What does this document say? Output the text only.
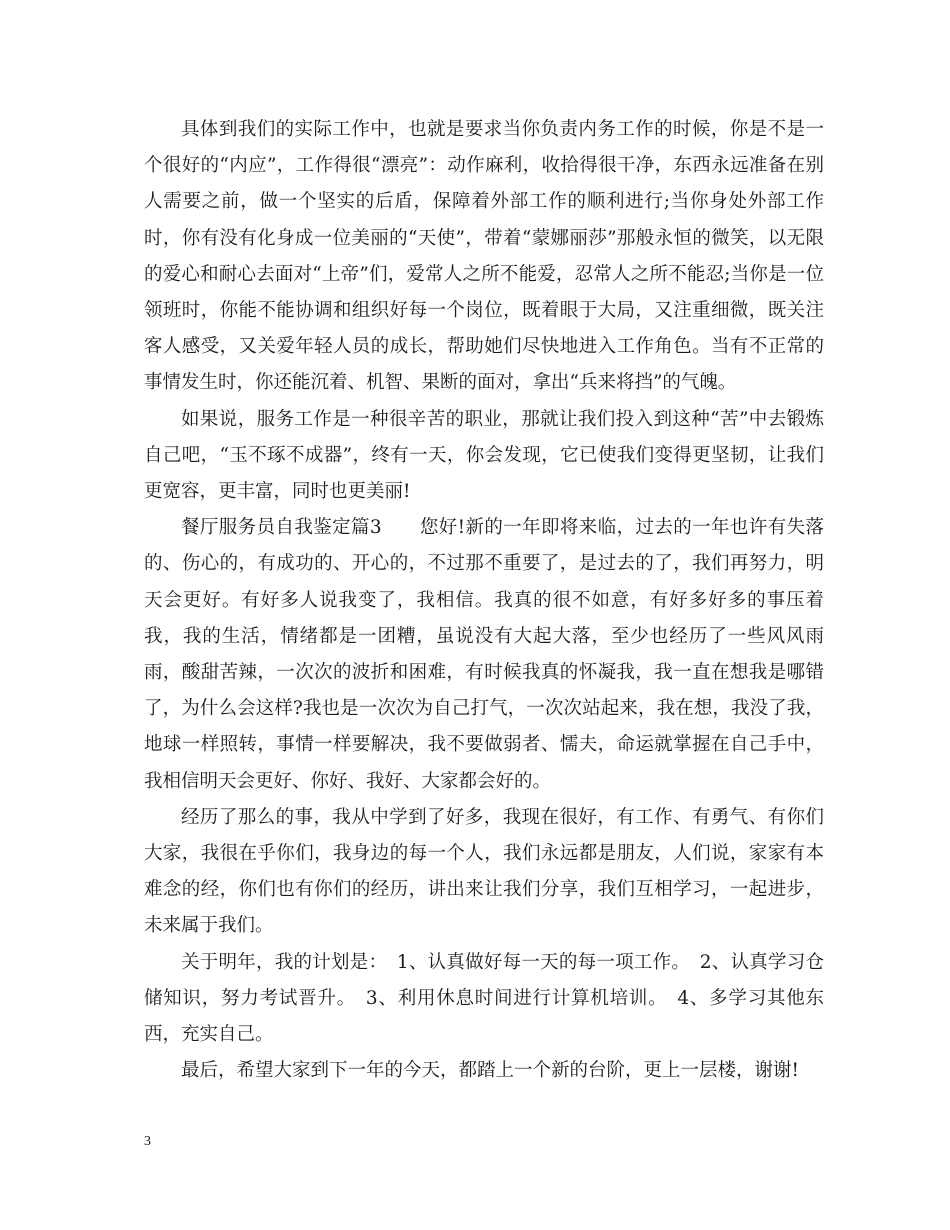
具体到我们的实际工作中，也就是要求当你负责内务工作的时候，你是不是一个很好的“内应”，工作得很“漂亮”：动作麻利，收拾得很干净，东西永远准备在别人需要之前，做一个坚实的后盾，保障着外部工作的顺利进行;当你身处外部工作时，你有没有化身成一位美丽的“天使”，带着“蒙娜丽莎”那般永恒的微笑，以无限的爱心和耐心去面对“上帝”们，爱常人之所不能爱，忍常人之所不能忍;当你是一位领班时，你能不能协调和组织好每一个岗位，既着眼于大局，又注重细微，既关注客人感受，又关爱年轻人员的成长，帮助她们尽快地进入工作角色。当有不正常的事情发生时，你还能沉着、机智、果断的面对，拿出“兵来将挡”的气魄。

如果说，服务工作是一种很辛苦的职业，那就让我们投入到这种“苦”中去锻炼自己吧，“玉不琢不成器”，终有一天，你会发现，它已使我们变得更坚韧，让我们更宽容，更丰富，同时也更美丽!

餐厅服务员自我鉴定篇3　　您好!新的一年即将来临，过去的一年也许有失落的、伤心的，有成功的、开心的，不过那不重要了，是过去的了，我们再努力，明天会更好。有好多人说我变了，我相信。我真的很不如意，有好多好多的事压着我，我的生活，情绪都是一团糟，虽说没有大起大落，至少也经历了一些风风雨雨，酸甜苦辣，一次次的波折和困难，有时候我真的怀凝我，我一直在想我是哪错了，为什么会这样?我也是一次次为自己打气，一次次站起来，我在想，我没了我，地球一样照转，事情一样要解决，我不要做弱者、懦夫，命运就掌握在自己手中，我相信明天会更好、你好、我好、大家都会好的。

经历了那么的事，我从中学到了好多，我现在很好，有工作、有勇气、有你们大家，我很在乎你们，我身边的每一个人，我们永远都是朋友，人们说，家家有本难念的经，你们也有你们的经历，讲出来让我们分享，我们互相学习，一起进步，未来属于我们。

关于明年，我的计划是：　1、认真做好每一天的每一项工作。　2、认真学习仓储知识，努力考试晋升。　3、利用休息时间进行计算机培训。　4、多学习其他东西，充实自己。

最后，希望大家到下一年的今天，都踏上一个新的台阶，更上一层楼，谢谢!

3
